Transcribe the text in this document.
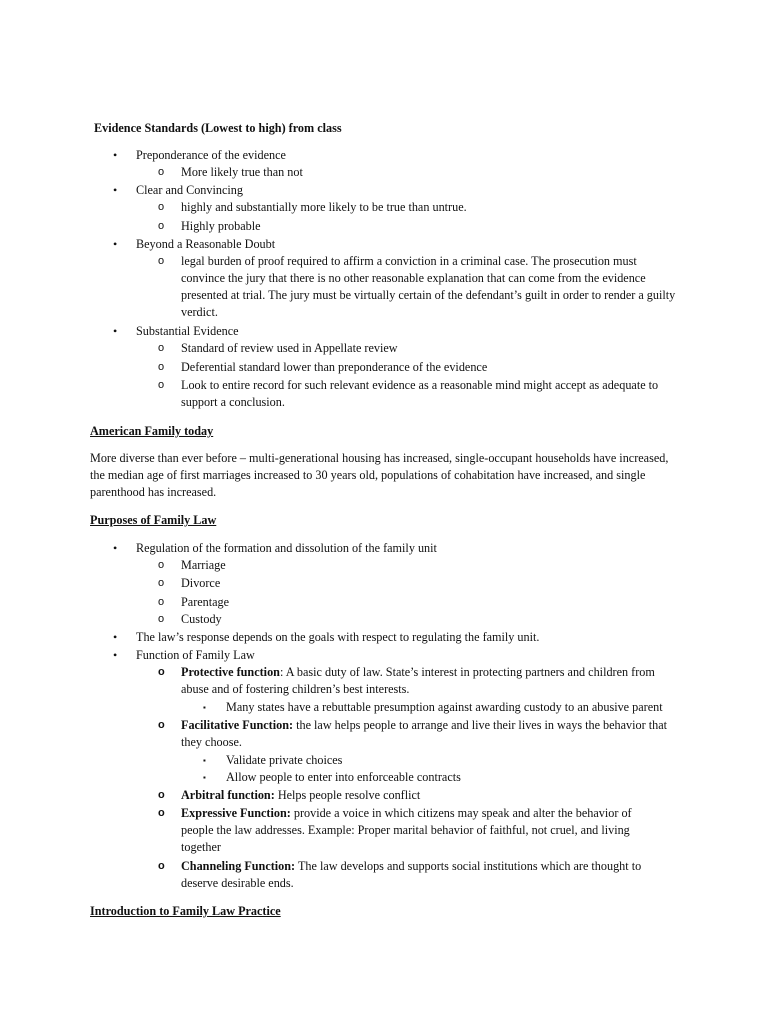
Evidence Standards (Lowest to high) from class
• Preponderance of the evidence
o More likely true than not
• Clear and Convincing
o highly and substantially more likely to be true than untrue.
o Highly probable
• Beyond a Reasonable Doubt
o legal burden of proof required to affirm a conviction in a criminal case. The prosecution must convince the jury that there is no other reasonable explanation that can come from the evidence presented at trial. The jury must be virtually certain of the defendant’s guilt in order to render a guilty verdict.
• Substantial Evidence
o Standard of review used in Appellate review
o Deferential standard lower than preponderance of the evidence
o Look to entire record for such relevant evidence as a reasonable mind might accept as adequate to support a conclusion.
American Family today
More diverse than ever before – multi-generational housing has increased, single-occupant households have increased, the median age of first marriages increased to 30 years old, populations of cohabitation have increased, and single parenthood has increased.
Purposes of Family Law
• Regulation of the formation and dissolution of the family unit
o Marriage
o Divorce
o Parentage
o Custody
• The law’s response depends on the goals with respect to regulating the family unit.
• Function of Family Law
o Protective function: A basic duty of law. State’s interest in protecting partners and children from abuse and of fostering children’s best interests.
▪ Many states have a rebuttable presumption against awarding custody to an abusive parent
o Facilitative Function: the law helps people to arrange and live their lives in ways the behavior that they choose.
▪ Validate private choices
▪ Allow people to enter into enforceable contracts
o Arbitral function: Helps people resolve conflict
o Expressive Function: provide a voice in which citizens may speak and alter the behavior of people the law addresses. Example: Proper marital behavior of faithful, not cruel, and living together
o Channeling Function: The law develops and supports social institutions which are thought to deserve desirable ends.
Introduction to Family Law Practice
